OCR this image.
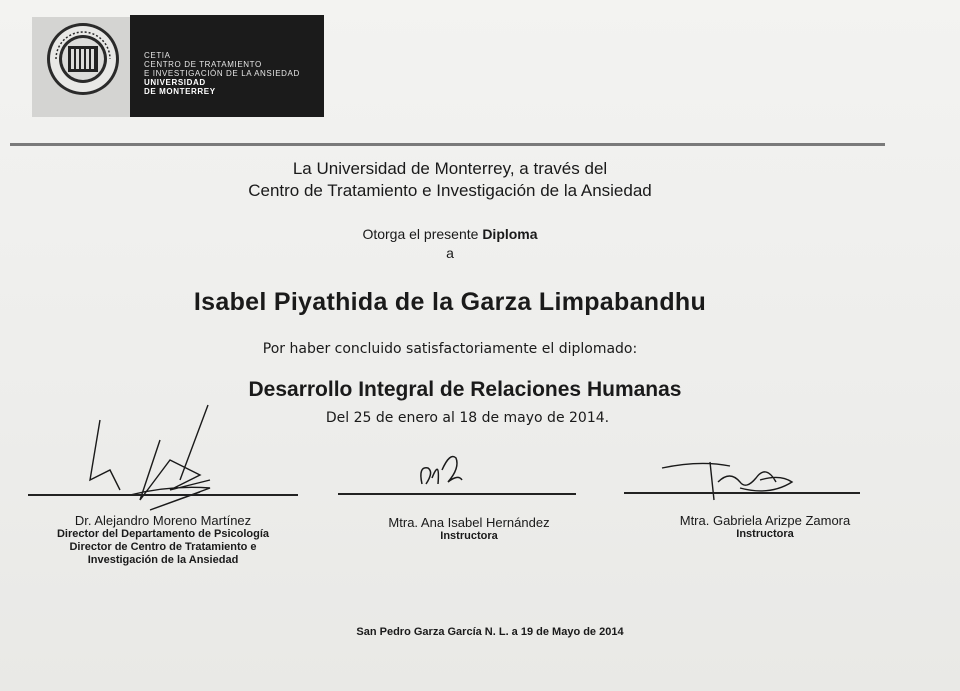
CETIA
CENTRO DE TRATAMIENTO
E INVESTIGACIÓN DE LA ANSIEDAD
UNIVERSIDAD
DE MONTERREY
La Universidad de Monterrey, a través del
Centro de Tratamiento e Investigación de la Ansiedad
Otorga el presente Diploma
a
Isabel Piyathida de la Garza Limpabandhu
Por haber concluido satisfactoriamente el diplomado:
Desarrollo Integral de Relaciones Humanas
Del 25 de enero al 18 de mayo de 2014.
Dr. Alejandro Moreno Martínez
Director del Departamento de Psicología
Director de Centro de Tratamiento e
Investigación de la Ansiedad
Mtra. Ana Isabel Hernández
Instructora
Mtra. Gabriela Arizpe Zamora
Instructora
San Pedro Garza García N. L. a 19 de Mayo de 2014
